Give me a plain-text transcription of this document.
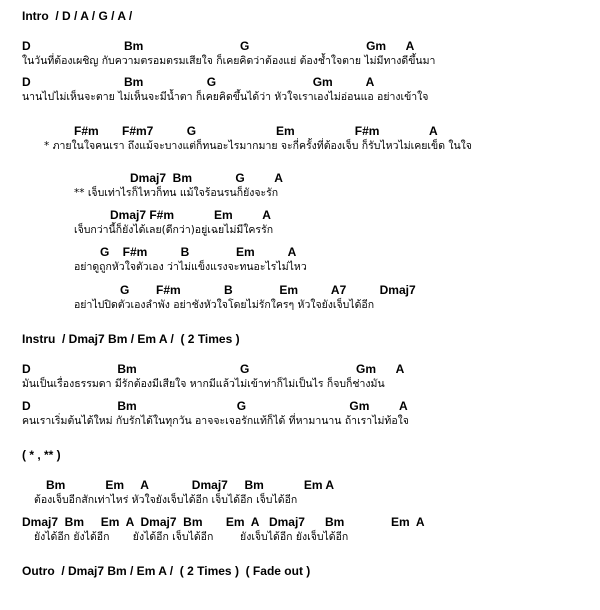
Intro  / D / A / G / A /
D                            Bm                             G                                   Gm      A
ในวันที่ต้องเผชิญ กับความตรอมตรมเสียใจ ก็เคยคิดว่าต้องแย่ ต้องช้ำใจตาย ไม่มีทางดีขึ้นมา
D                            Bm                   G                             Gm          A
นานไปไม่เห็นจะตาย ไม่เห็นจะมีน้ำตา ก็เคยคิดขึ้นได้ว่า หัวใจเราเองไม่อ่อนแอ อย่างเข้าใจ
F#m       F#m7          G                        Em                  F#m               A
* ภายในใจคนเรา ถึงแม้จะบางแต่ก็ทนอะไรมากมาย จะกี่ครั้งที่ต้องเจ็บ ก็รับไหวไม่เคยเข็ด ในใจ
Dmaj7  Bm             G         A
** เจ็บเท่าไรก็ไหวก็ทน แม้ใจร้อนรนก็ยังจะรัก
Dmaj7 F#m            Em         A
เจ็บกว่านี้ก็ยังได้เลย(ดีกว่า)อยู่เฉยไม่มีใครรัก
G    F#m          B              Em          A
อย่าดูถูกหัวใจตัวเอง ว่าไม่แข็งแรงจะทนอะไรไม่ไหว
G        F#m             B              Em          A7          Dmaj7
อย่าไปปิดตัวเองลำพัง อย่าชังหัวใจโดยไม่รักใครๆ หัวใจยังเจ็บได้อีก
Instru  / Dmaj7 Bm / Em A /  ( 2 Times )
D                          Bm                               G                                Gm      A
มันเป็นเรื่องธรรมดา มีรักต้องมีเสียใจ หากมีแล้วไม่เข้าท่าก็ไม่เป็นไร ก็จบก็ช่างมัน
D                          Bm                              G                               Gm         A
คนเราเริ่มต้นได้ใหม่ กับรักได้ในทุกวัน อาจจะเจอรักแท้ก็ได้ ที่หามานาน ถ้าเราไม่ท้อใจ
( * , ** )
Bm            Em     A             Dmaj7     Bm            Em A
ต้องเจ็บอีกสักเท่าไหร่ หัวใจยังเจ็บได้อีก เจ็บได้อีก เจ็บได้อีก
Dmaj7  Bm     Em  A  Dmaj7  Bm       Em  A   Dmaj7      Bm              Em  A
ยังได้อีก ยังได้อีก       ยังได้อีก เจ็บได้อีก        ยังเจ็บได้อีก ยังเจ็บได้อีก
Outro  / Dmaj7 Bm / Em A /  ( 2 Times )  ( Fade out )
